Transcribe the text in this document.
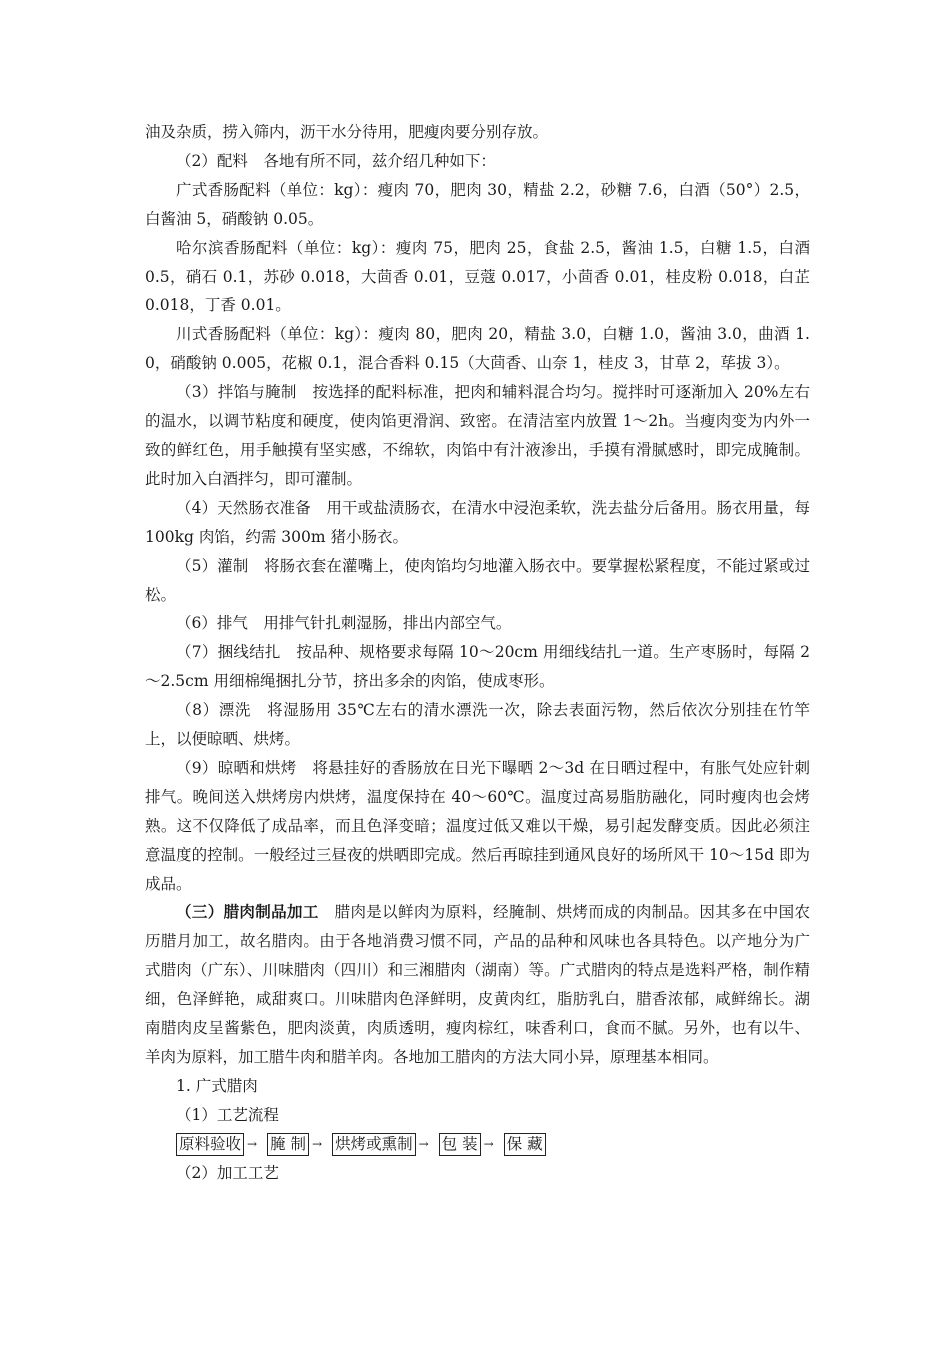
油及杂质，捞入筛内，沥干水分待用，肥瘦肉要分别存放。

（2）配料　各地有所不同，兹介绍几种如下：

广式香肠配料（单位：kg）：瘦肉 70，肥肉 30，精盐 2.2，砂糖 7.6，白酒（50°）2.5，白酱油 5，硝酸钠 0.05。

哈尔滨香肠配料（单位：kg）：瘦肉 75，肥肉 25，食盐 2.5，酱油 1.5，白糖 1.5，白酒 0.5，硝石 0.1，苏砂 0.018，大茴香 0.01，豆蔻 0.017，小茴香 0.01，桂皮粉 0.018，白芷 0.018，丁香 0.01。

川式香肠配料（单位：kg）：瘦肉 80，肥肉 20，精盐 3.0，白糖 1.0，酱油 3.0，曲酒 1.0，硝酸钠 0.005，花椒 0.1，混合香料 0.15（大茴香、山奈 1，桂皮 3，甘草 2，荜拔 3）。

（3）拌馅与腌制　按选择的配料标准，把肉和辅料混合均匀。搅拌时可逐渐加入 20%左右的温水，以调节粘度和硬度，使肉馅更滑润、致密。在清洁室内放置 1～2h。当瘦肉变为内外一致的鲜红色，用手触摸有坚实感，不绵软，肉馅中有汁液渗出，手摸有滑腻感时，即完成腌制。此时加入白酒拌匀，即可灌制。

（4）天然肠衣准备　用干或盐渍肠衣，在清水中浸泡柔软，洗去盐分后备用。肠衣用量，每 100kg 肉馅，约需 300m 猪小肠衣。

（5）灌制　将肠衣套在灌嘴上，使肉馅均匀地灌入肠衣中。要掌握松紧程度，不能过紧或过松。

（6）排气　用排气针扎刺湿肠，排出内部空气。

（7）捆线结扎　按品种、规格要求每隔 10～20cm 用细线结扎一道。生产枣肠时，每隔 2～2.5cm 用细棉绳捆扎分节，挤出多余的肉馅，使成枣形。

（8）漂洗　将湿肠用 35℃左右的清水漂洗一次，除去表面污物，然后依次分别挂在竹竿上，以便晾晒、烘烤。

（9）晾晒和烘烤　将悬挂好的香肠放在日光下曝晒 2～3d 在日晒过程中，有胀气处应针刺排气。晚间送入烘烤房内烘烤，温度保持在 40～60℃。温度过高易脂肪融化，同时瘦肉也会烤熟。这不仅降低了成品率，而且色泽变暗；温度过低又难以干燥，易引起发酵变质。因此必须注意温度的控制。一般经过三昼夜的烘晒即完成。然后再晾挂到通风良好的场所风干 10～15d 即为成品。

（三）腊肉制品加工　腊肉是以鲜肉为原料，经腌制、烘烤而成的肉制品。因其多在中国农历腊月加工，故名腊肉。由于各地消费习惯不同，产品的品种和风味也各具特色。以产地分为广式腊肉（广东）、川味腊肉（四川）和三湘腊肉（湖南）等。广式腊肉的特点是选料严格，制作精细，色泽鲜艳，咸甜爽口。川味腊肉色泽鲜明，皮黄肉红，脂肪乳白，腊香浓郁，咸鲜绵长。湖南腊肉皮呈酱紫色，肥肉淡黄，肉质透明，瘦肉棕红，味香利口，食而不腻。另外，也有以牛、羊肉为原料，加工腊牛肉和腊羊肉。各地加工腊肉的方法大同小异，原理基本相同。

1. 广式腊肉

（1）工艺流程

原料验收 → 腌 制 → 烘烤或熏制 → 包 装 → 保 藏

（2）加工工艺
